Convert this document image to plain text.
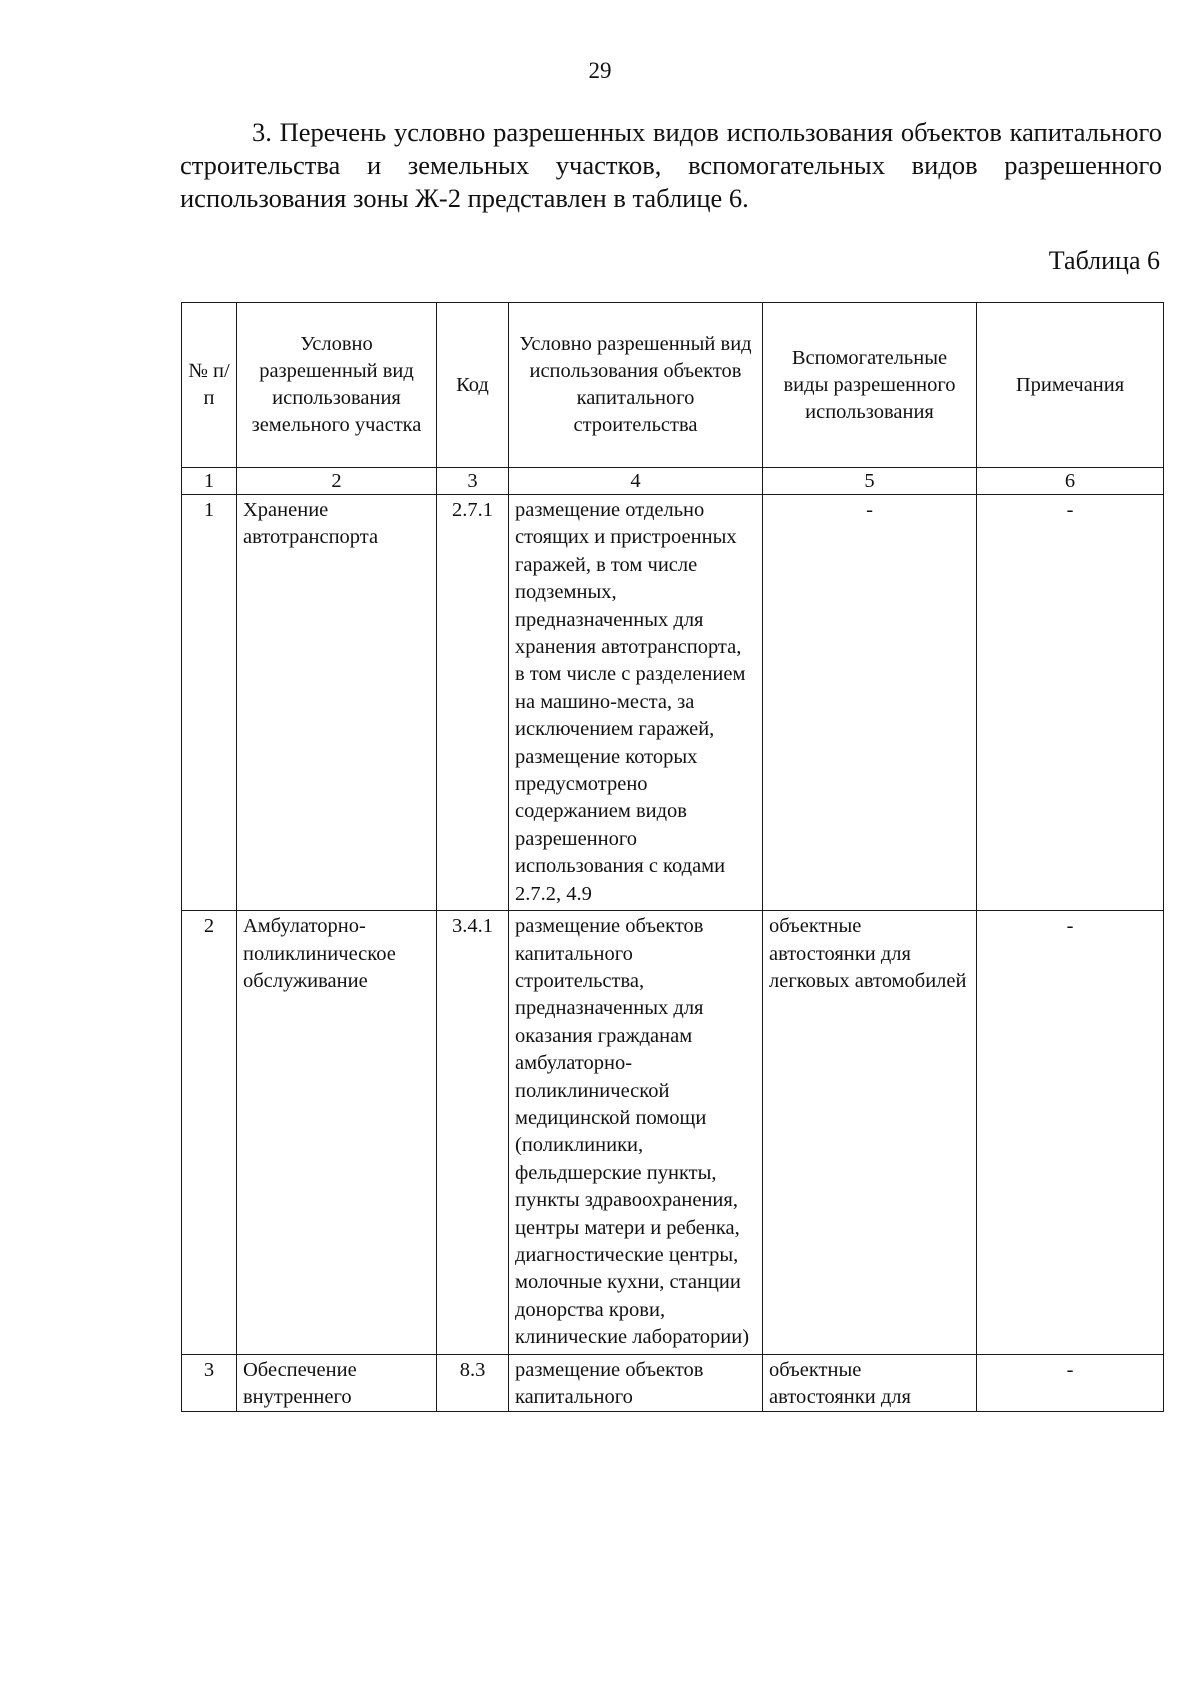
29

3. Перечень условно разрешенных видов использования объектов капитального строительства и земельных участков, вспомогательных видов разрешенного использования зоны Ж-2 представлен в таблице 6.

Таблица 6
№ п/п	Условно разрешенный вид использования земельного участка	Код	Условно разрешенный вид использования объектов капитального строительства	Вспомогательные виды разрешенного использования	Примечания
1	2	3	4	5	6
1	Хранение автотранспорта	2.7.1	размещение отдельно стоящих и пристроенных гаражей, в том числе подземных, предназначенных для хранения автотранспорта, в том числе с разделением на машино-места, за исключением гаражей, размещение которых предусмотрено содержанием видов разрешенного использования с кодами 2.7.2, 4.9	-	-
2	Амбулаторно-поликлиническое обслуживание	3.4.1	размещение объектов капитального строительства, предназначенных для оказания гражданам амбулаторно-поликлинической медицинской помощи (поликлиники, фельдшерские пункты, пункты здравоохранения, центры матери и ребенка, диагностические центры, молочные кухни, станции донорства крови, клинические лаборатории)	объектные автостоянки для легковых автомобилей	-

3	Обеспечение внутреннего	8.3	размещение объектов капитального	объектные автостоянки для	-
